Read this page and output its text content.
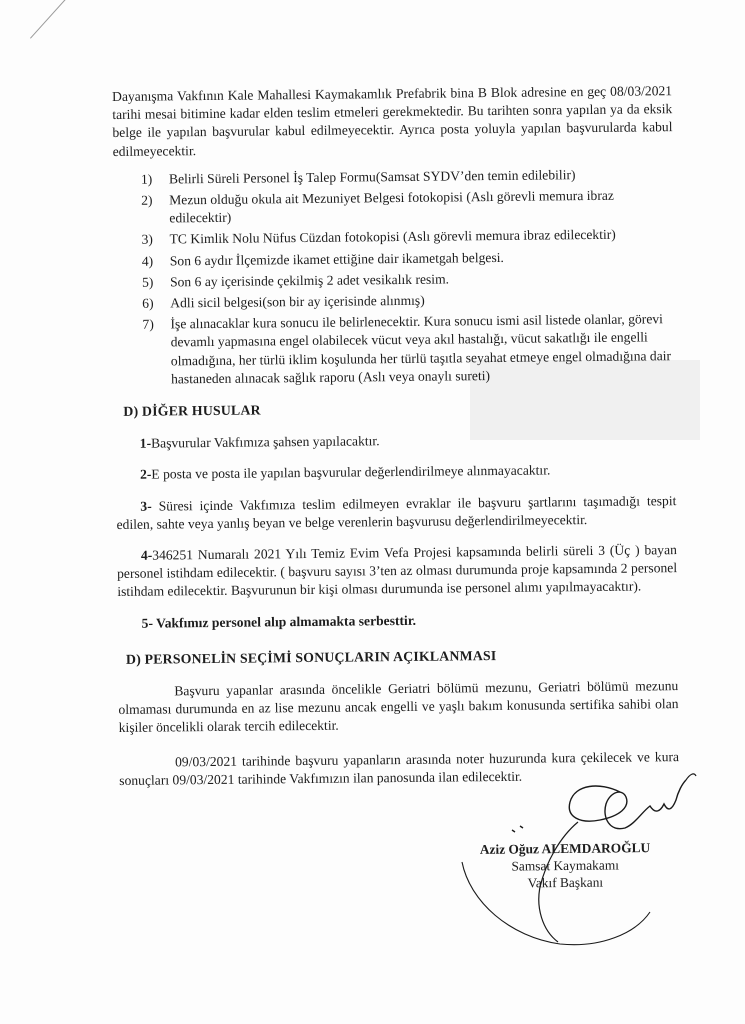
Dayanışma Vakfının Kale Mahallesi Kaymakamlık Prefabrik bina B Blok adresine en geç 08/03/2021 tarihi mesai bitimine kadar elden teslim etmeleri gerekmektedir. Bu tarihten sonra yapılan ya da eksik belge ile yapılan başvurular kabul edilmeyecektir. Ayrıca posta yoluyla yapılan başvurularda kabul edilmeyecektir.

1) Belirli Süreli Personel İş Talep Formu(Samsat SYDV’den temin edilebilir)
2) Mezun olduğu okula ait Mezuniyet Belgesi fotokopisi (Aslı görevli memura ibraz edilecektir)
3) TC Kimlik Nolu Nüfus Cüzdan fotokopisi (Aslı görevli memura ibraz edilecektir)
4) Son 6 aydır İlçemizde ikamet ettiğine dair ikametgah belgesi.
5) Son 6 ay içerisinde çekilmiş 2 adet vesikalık resim.
6) Adli sicil belgesi(son bir ay içerisinde alınmış)
7) İşe alınacaklar kura sonucu ile belirlenecektir. Kura sonucu ismi asil listede olanlar, görevi devamlı yapmasına engel olabilecek vücut veya akıl hastalığı, vücut sakatlığı ile engelli olmadığına, her türlü iklim koşulunda her türlü taşıtla seyahat etmeye engel olmadığına dair hastaneden alınacak sağlık raporu (Aslı veya onaylı sureti)
D) DİĞER HUSULAR

1-Başvurular Vakfımıza şahsen yapılacaktır.

2-E posta ve posta ile yapılan başvurular değerlendirilmeye alınmayacaktır.

3- Süresi içinde Vakfımıza teslim edilmeyen evraklar ile başvuru şartlarını taşımadığı tespit edilen, sahte veya yanlış beyan ve belge verenlerin başvurusu değerlendirilmeyecektir.

4-346251 Numaralı 2021 Yılı Temiz Evim Vefa Projesi kapsamında belirli süreli 3 (Üç ) bayan personel istihdam edilecektir. ( başvuru sayısı 3’ten az olması durumunda proje kapsamında 2 personel istihdam edilecektir. Başvurunun bir kişi olması durumunda ise personel alımı yapılmayacaktır).

5- Vakfımız personel alıp almamakta serbesttir.

D) PERSONELİN SEÇİMİ SONUÇLARIN AÇIKLANMASI

Başvuru yapanlar arasında öncelikle Geriatri bölümü mezunu, Geriatri bölümü mezunu olmaması durumunda en az lise mezunu ancak engelli ve yaşlı bakım konusunda sertifika sahibi olan kişiler öncelikli olarak tercih edilecektir.

09/03/2021 tarihinde başvuru yapanların arasında noter huzurunda kura çekilecek ve kura sonuçları 09/03/2021 tarihinde Vakfımızın ilan panosunda ilan edilecektir.

Aziz Oğuz ALEMDAROĞLU
Samsat Kaymakamı
Vakıf Başkanı
